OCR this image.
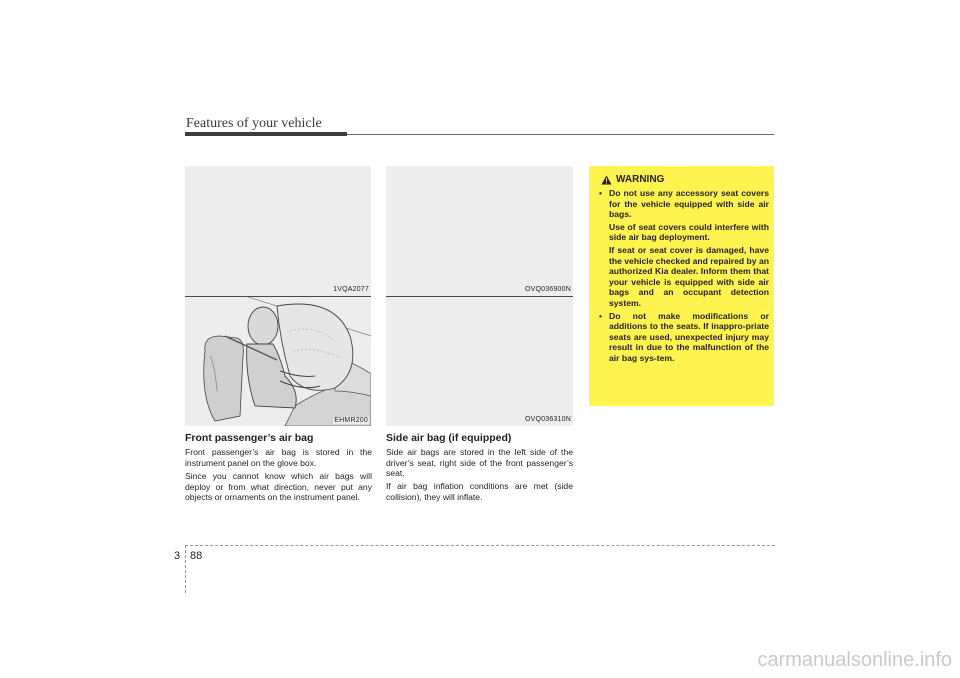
Features of your vehicle
1VQA2077
EHMR200
OVQ036900N
OVQ036310N
Front passenger’s air bag
Front passenger’s air bag is stored in the instrument panel on the glove box.
Since you cannot know which air bags will deploy or from what direction, never put any objects or ornaments on the instrument panel.
Side air bag (if equipped)
Side air bags are stored in the left side of the driver’s seat, right side of the front passenger’s seat.
If air bag inflation conditions are met (side collision), they will inflate.
WARNING
• Do not use any accessory seat covers for the vehicle equipped with side air bags.
Use of seat covers could interfere with side air bag deployment.
If seat or seat cover is damaged, have the vehicle checked and repaired by an authorized Kia dealer. Inform them that your vehicle is equipped with side air bags and an occupant detection system.
• Do not make modifications or additions to the seats. If inappro-priate seats are used, unexpected injury may result in due to the malfunction of the air bag sys-tem.
3 88
carmanualsonline.info
